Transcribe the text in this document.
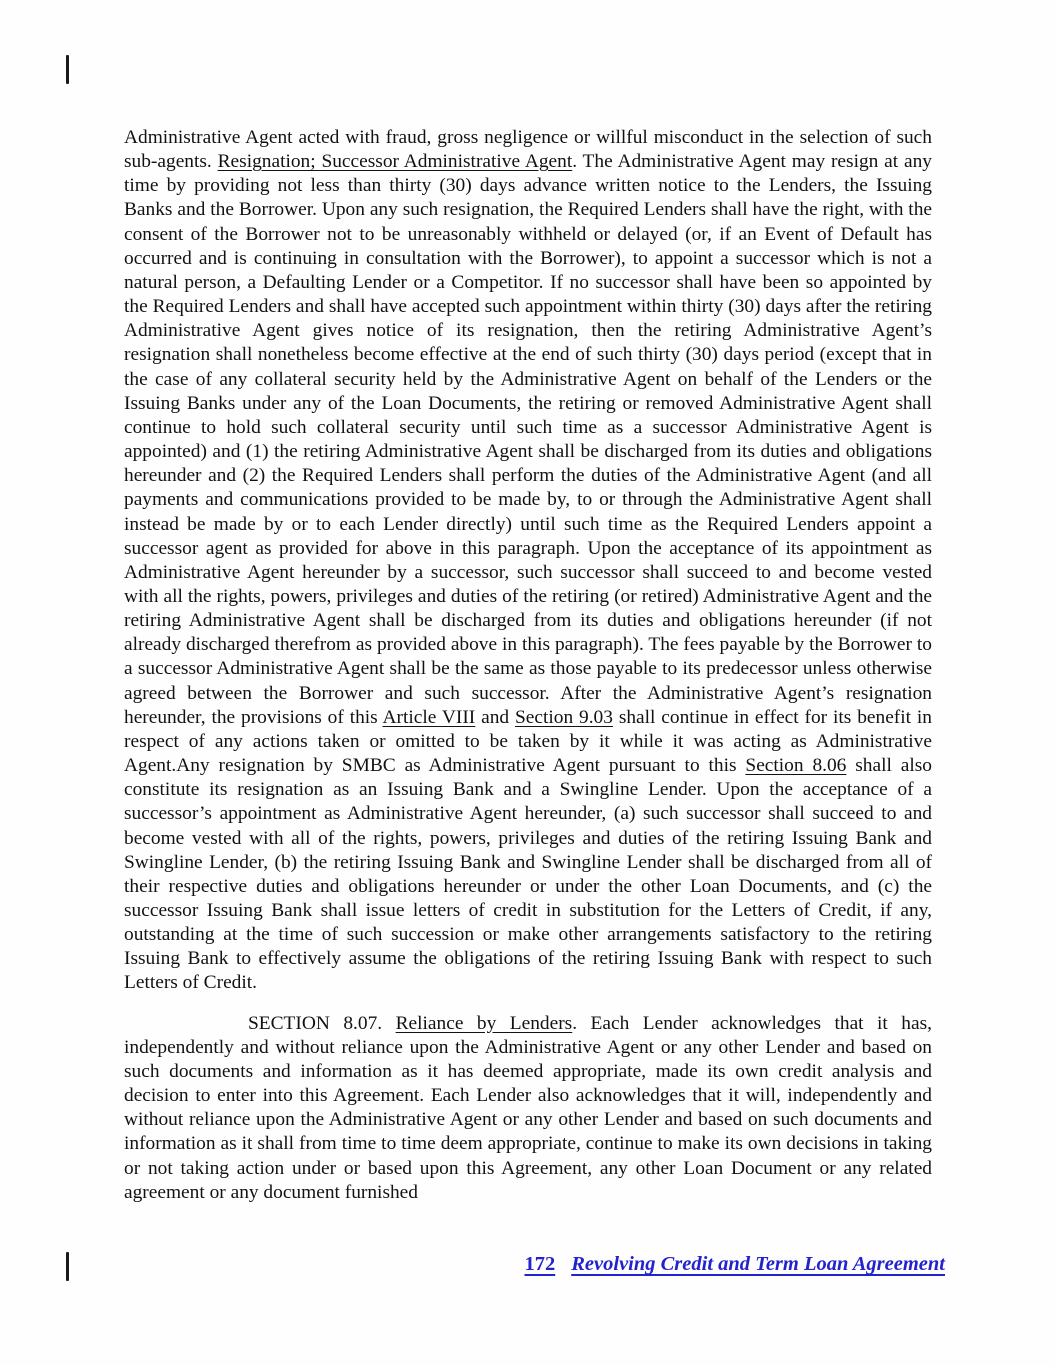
Administrative Agent acted with fraud, gross negligence or willful misconduct in the selection of such sub-agents. Resignation; Successor Administrative Agent. The Administrative Agent may resign at any time by providing not less than thirty (30) days advance written notice to the Lenders, the Issuing Banks and the Borrower. Upon any such resignation, the Required Lenders shall have the right, with the consent of the Borrower not to be unreasonably withheld or delayed (or, if an Event of Default has occurred and is continuing in consultation with the Borrower), to appoint a successor which is not a natural person, a Defaulting Lender or a Competitor. If no successor shall have been so appointed by the Required Lenders and shall have accepted such appointment within thirty (30) days after the retiring Administrative Agent gives notice of its resignation, then the retiring Administrative Agent’s resignation shall nonetheless become effective at the end of such thirty (30) days period (except that in the case of any collateral security held by the Administrative Agent on behalf of the Lenders or the Issuing Banks under any of the Loan Documents, the retiring or removed Administrative Agent shall continue to hold such collateral security until such time as a successor Administrative Agent is appointed) and (1) the retiring Administrative Agent shall be discharged from its duties and obligations hereunder and (2) the Required Lenders shall perform the duties of the Administrative Agent (and all payments and communications provided to be made by, to or through the Administrative Agent shall instead be made by or to each Lender directly) until such time as the Required Lenders appoint a successor agent as provided for above in this paragraph. Upon the acceptance of its appointment as Administrative Agent hereunder by a successor, such successor shall succeed to and become vested with all the rights, powers, privileges and duties of the retiring (or retired) Administrative Agent and the retiring Administrative Agent shall be discharged from its duties and obligations hereunder (if not already discharged therefrom as provided above in this paragraph). The fees payable by the Borrower to a successor Administrative Agent shall be the same as those payable to its predecessor unless otherwise agreed between the Borrower and such successor. After the Administrative Agent’s resignation hereunder, the provisions of this Article VIII and Section 9.03 shall continue in effect for its benefit in respect of any actions taken or omitted to be taken by it while it was acting as Administrative Agent.Any resignation by SMBC as Administrative Agent pursuant to this Section 8.06 shall also constitute its resignation as an Issuing Bank and a Swingline Lender. Upon the acceptance of a successor’s appointment as Administrative Agent hereunder, (a) such successor shall succeed to and become vested with all of the rights, powers, privileges and duties of the retiring Issuing Bank and Swingline Lender, (b) the retiring Issuing Bank and Swingline Lender shall be discharged from all of their respective duties and obligations hereunder or under the other Loan Documents, and (c) the successor Issuing Bank shall issue letters of credit in substitution for the Letters of Credit, if any, outstanding at the time of such succession or make other arrangements satisfactory to the retiring Issuing Bank to effectively assume the obligations of the retiring Issuing Bank with respect to such Letters of Credit.

SECTION 8.07. Reliance by Lenders. Each Lender acknowledges that it has, independently and without reliance upon the Administrative Agent or any other Lender and based on such documents and information as it has deemed appropriate, made its own credit analysis and decision to enter into this Agreement. Each Lender also acknowledges that it will, independently and without reliance upon the Administrative Agent or any other Lender and based on such documents and information as it shall from time to time deem appropriate, continue to make its own decisions in taking or not taking action under or based upon this Agreement, any other Loan Document or any related agreement or any document furnished

172 Revolving Credit and Term Loan Agreement
